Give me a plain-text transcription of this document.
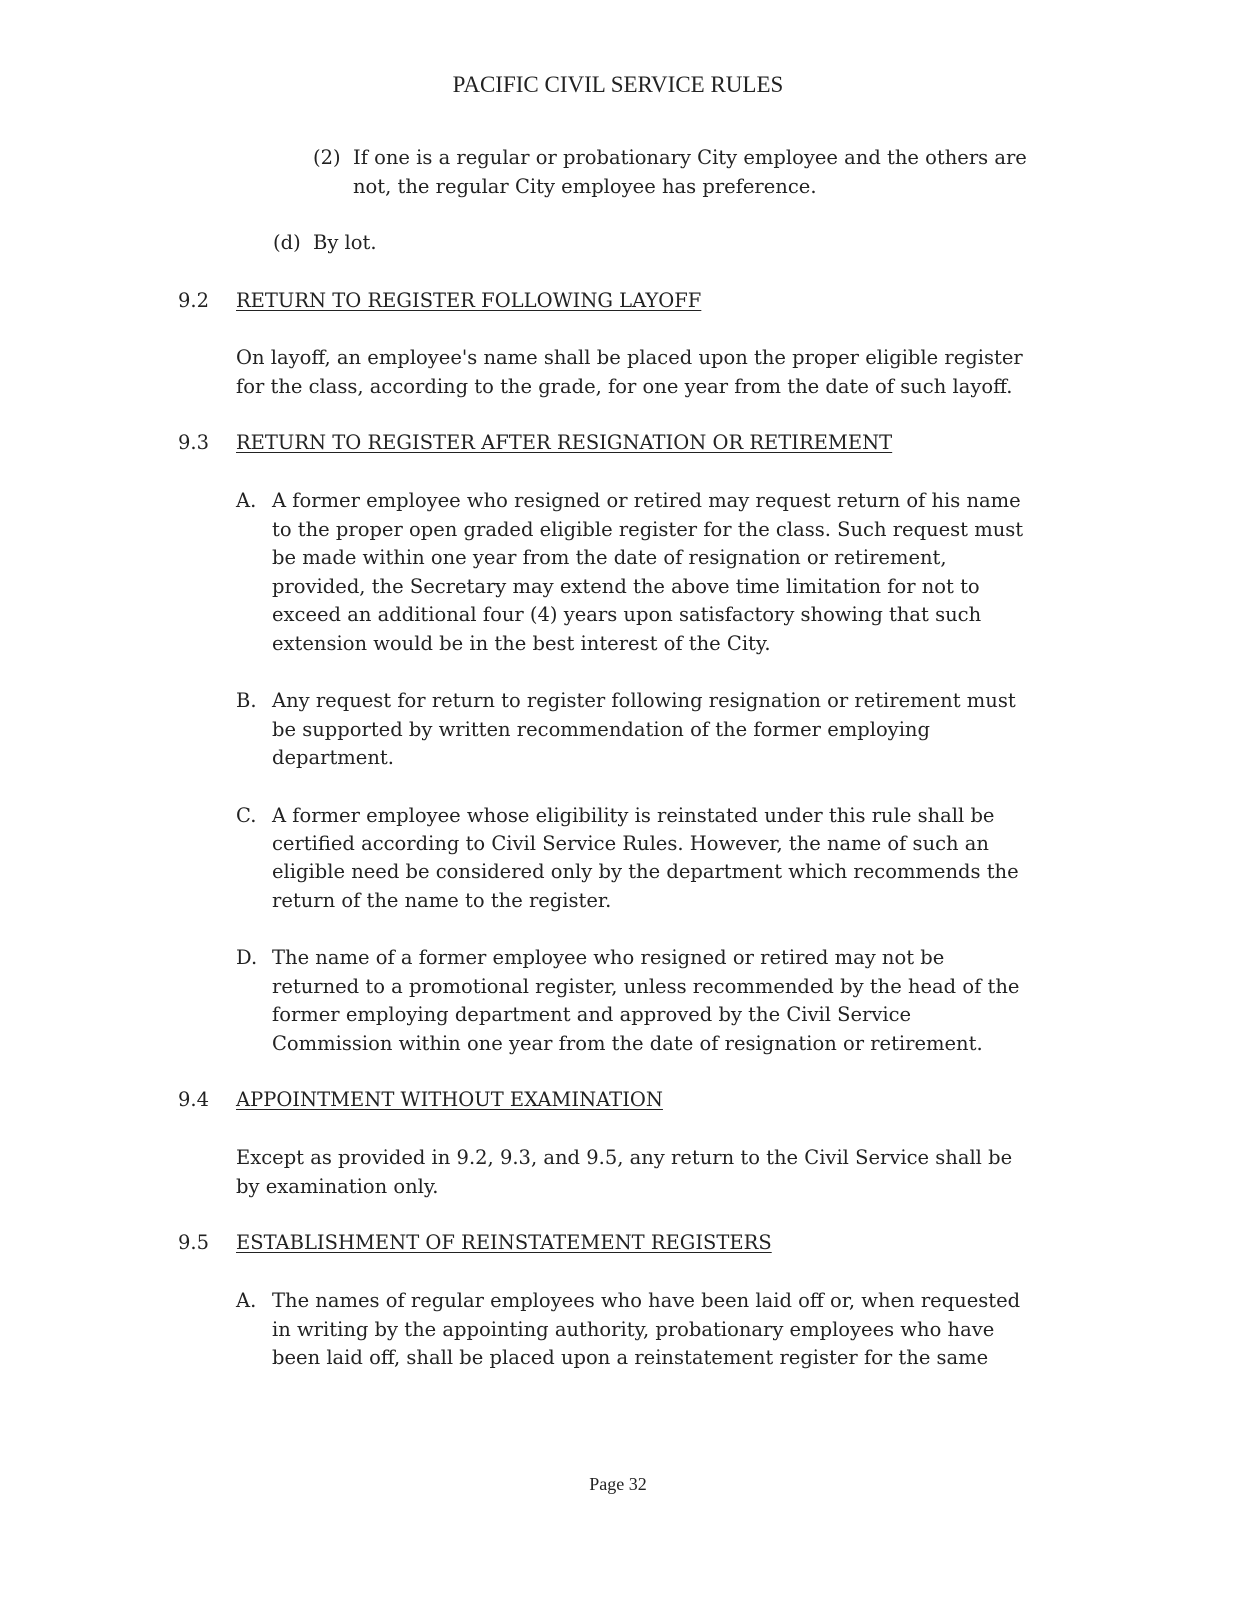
PACIFIC CIVIL SERVICE RULES
(2) If one is a regular or probationary City employee and the others are
not, the regular City employee has preference.
(d) By lot.
9.2 RETURN TO REGISTER FOLLOWING LAYOFF
On layoff, an employee's name shall be placed upon the proper eligible register
for the class, according to the grade, for one year from the date of such layoff.
9.3 RETURN TO REGISTER AFTER RESIGNATION OR RETIREMENT
A. A former employee who resigned or retired may request return of his name
to the proper open graded eligible register for the class. Such request must
be made within one year from the date of resignation or retirement,
provided, the Secretary may extend the above time limitation for not to
exceed an additional four (4) years upon satisfactory showing that such
extension would be in the best interest of the City.
B. Any request for return to register following resignation or retirement must
be supported by written recommendation of the former employing
department.
C. A former employee whose eligibility is reinstated under this rule shall be
certified according to Civil Service Rules. However, the name of such an
eligible need be considered only by the department which recommends the
return of the name to the register.
D. The name of a former employee who resigned or retired may not be
returned to a promotional register, unless recommended by the head of the
former employing department and approved by the Civil Service
Commission within one year from the date of resignation or retirement.
9.4 APPOINTMENT WITHOUT EXAMINATION
Except as provided in 9.2, 9.3, and 9.5, any return to the Civil Service shall be
by examination only.
9.5 ESTABLISHMENT OF REINSTATEMENT REGISTERS
A. The names of regular employees who have been laid off or, when requested
in writing by the appointing authority, probationary employees who have
been laid off, shall be placed upon a reinstatement register for the same
Page 32
